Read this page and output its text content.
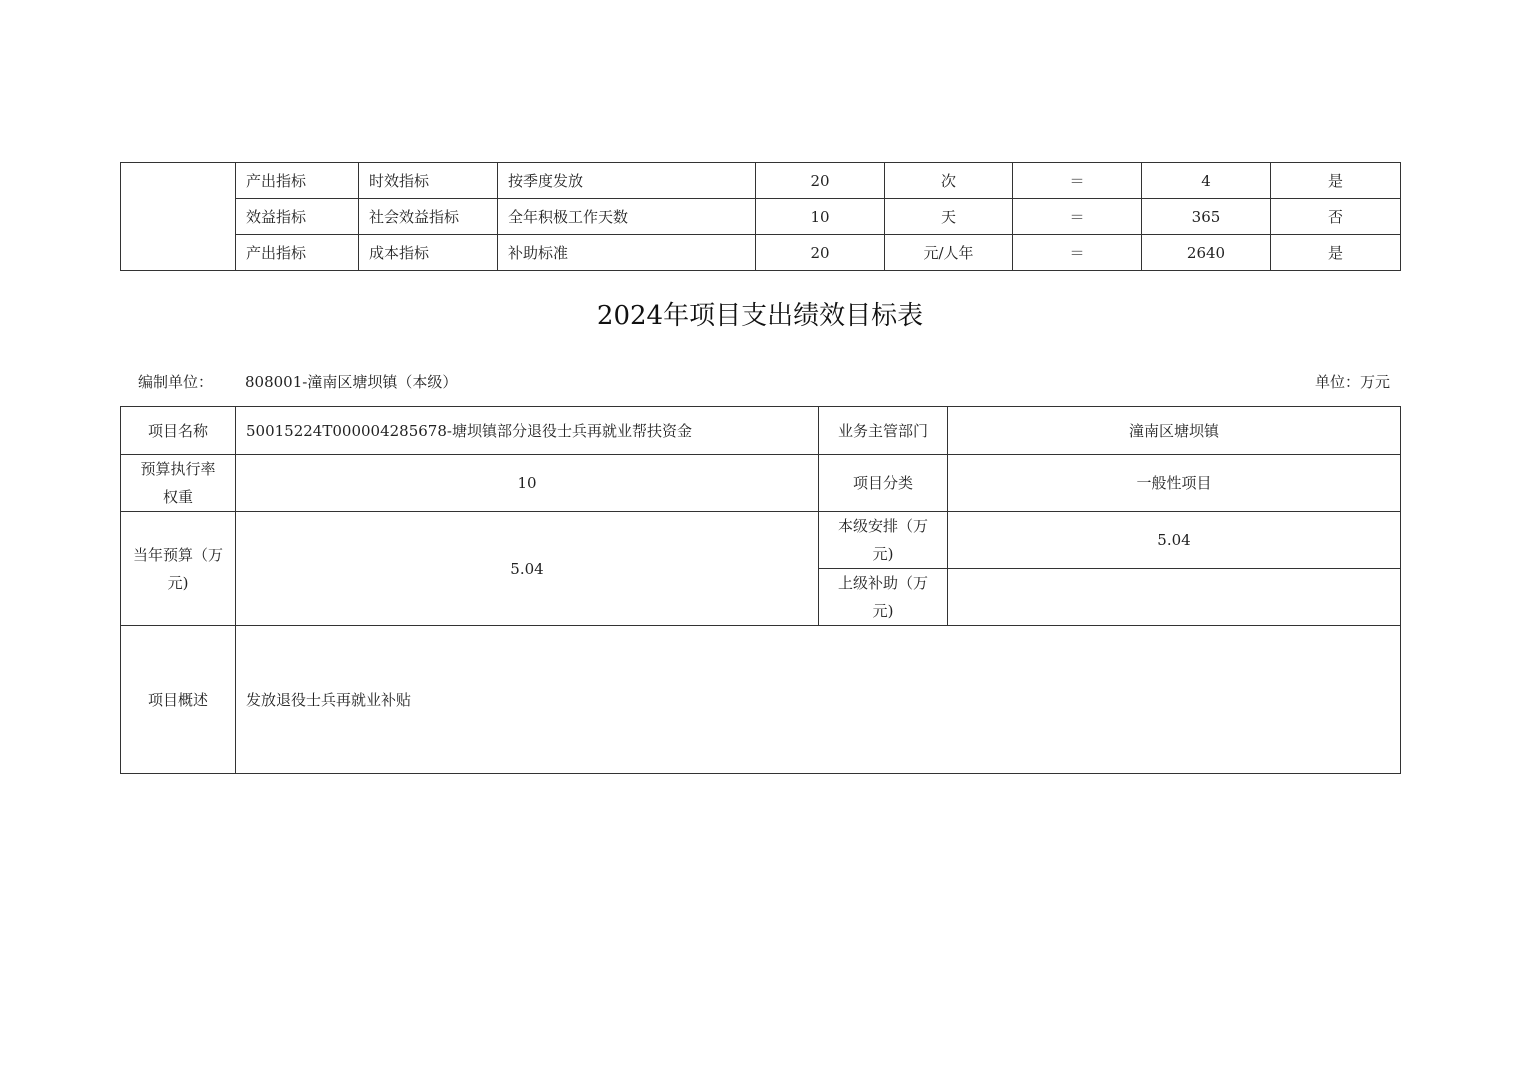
	产出指标	时效指标	按季度发放	20	次	＝	4	是
	效益指标	社会效益指标	全年积极工作天数	10	天	＝	365	否
	产出指标	成本指标	补助标准	20	元/人年	＝	2640	是
2024年项目支出绩效目标表
编制单位： 808001-潼南区塘坝镇（本级）	单位：万元
项目名称	50015224T000004285678-塘坝镇部分退役士兵再就业帮扶资金	业务主管部门	潼南区塘坝镇
预算执行率
权重	10	项目分类	一般性项目
当年预算（万
元)	5.04	本级安排（万
元)	5.04
		上级补助（万
元)	
项目概述	发放退役士兵再就业补贴		
